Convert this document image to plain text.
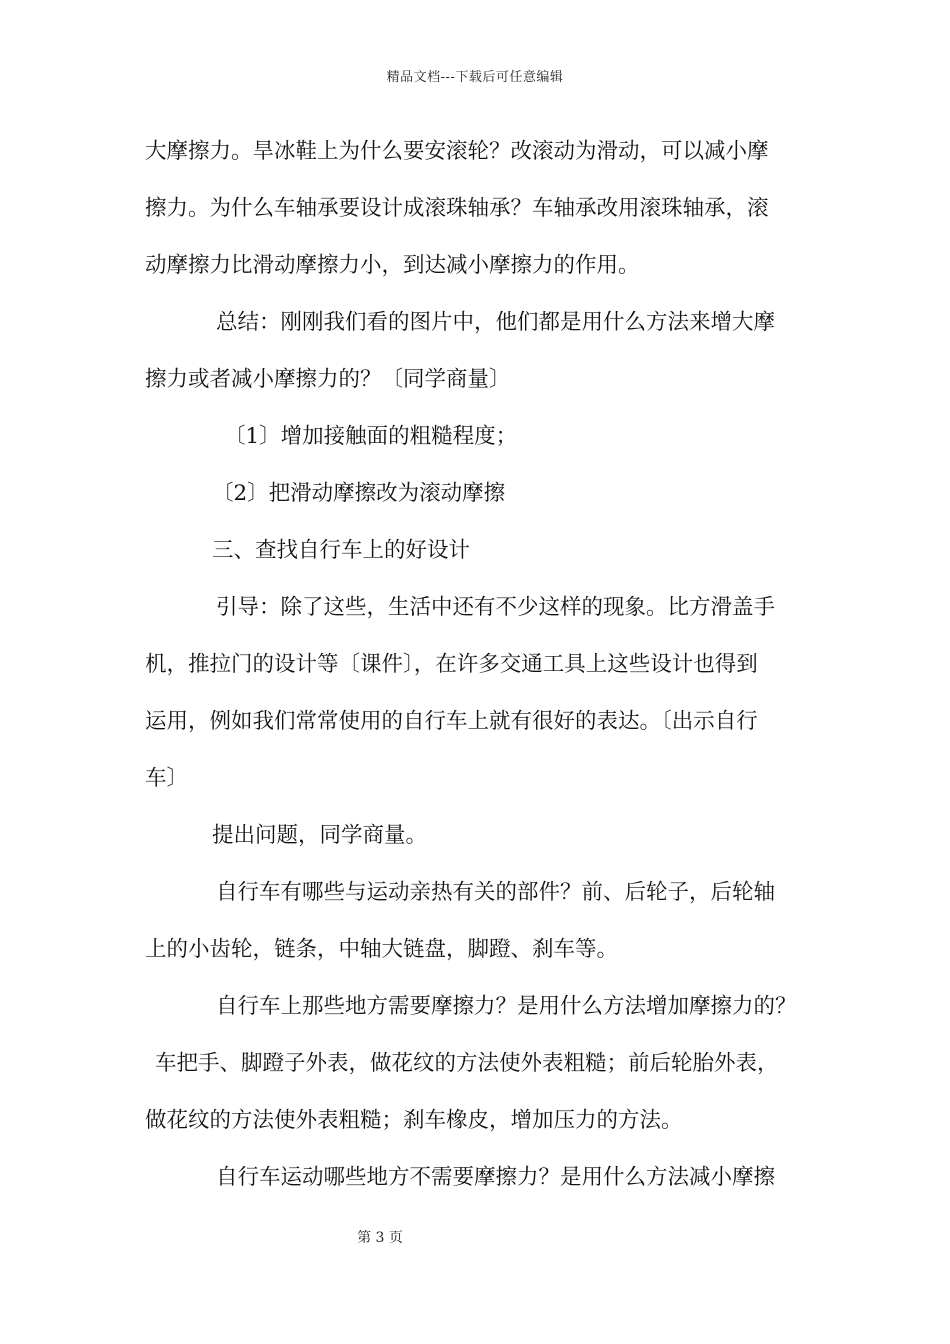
精品文档---下载后可任意编辑
大摩擦力。旱冰鞋上为什么要安滚轮？改滚动为滑动，可以减小摩
擦力。为什么车轴承要设计成滚珠轴承？车轴承改用滚珠轴承，滚
动摩擦力比滑动摩擦力小，到达减小摩擦力的作用。
总结：刚刚我们看的图片中，他们都是用什么方法来增大摩
擦力或者减小摩擦力的？〔同学商量〕
〔1〕增加接触面的粗糙程度；
〔2〕把滑动摩擦改为滚动摩擦
三、查找自行车上的好设计
引导：除了这些，生活中还有不少这样的现象。比方滑盖手
机，推拉门的设计等〔课件〕，在许多交通工具上这些设计也得到
运用，例如我们常常使用的自行车上就有很好的表达。〔出示自行
车〕
提出问题，同学商量。
自行车有哪些与运动亲热有关的部件？前、后轮子，后轮轴
上的小齿轮，链条，中轴大链盘，脚蹬、刹车等。
自行车上那些地方需要摩擦力？是用什么方法增加摩擦力的？
车把手、脚蹬子外表，做花纹的方法使外表粗糙；前后轮胎外表，
做花纹的方法使外表粗糙；刹车橡皮，增加压力的方法。
自行车运动哪些地方不需要摩擦力？是用什么方法减小摩擦
第 3 页
